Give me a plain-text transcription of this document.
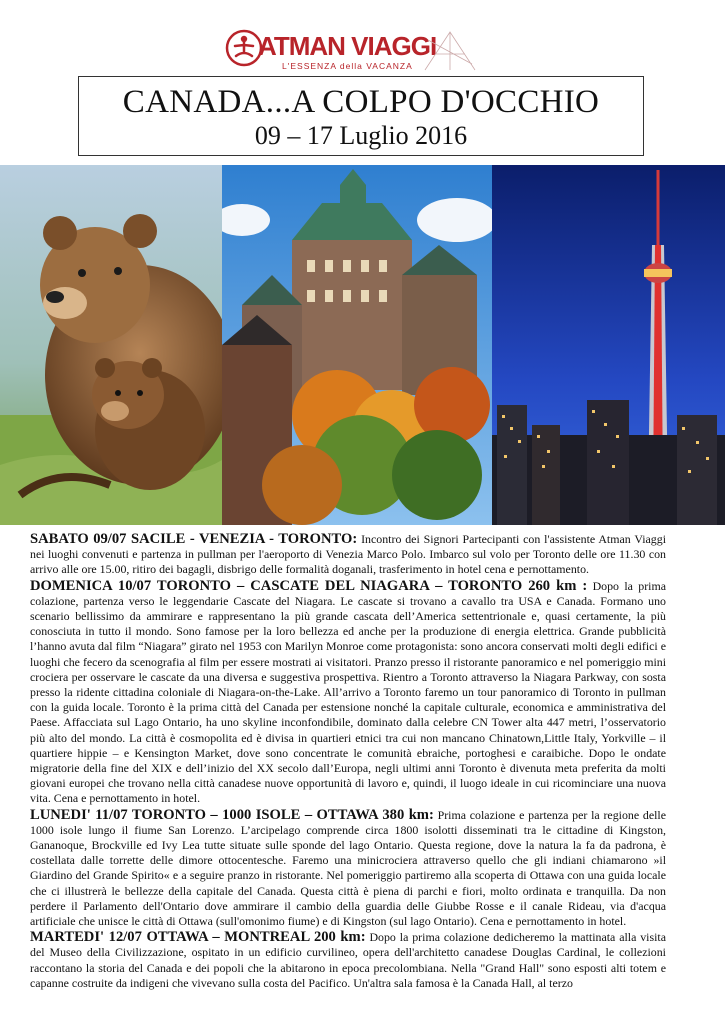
ATMAN VIAGGI
L'ESSENZA della VACANZA
CANADA...A COLPO D'OCCHIO
09 – 17 Luglio 2016

SABATO 09/07 SACILE - VENEZIA - TORONTO: Incontro dei Signori Partecipanti con l'assistente Atman Viaggi nei luoghi convenuti e partenza in pullman per l'aeroporto di Venezia Marco Polo. Imbarco sul volo per Toronto delle ore 11.30 con arrivo alle ore 15.00, ritiro dei bagagli, disbrigo delle formalità doganali, trasferimento in hotel cena e pernottamento.

DOMENICA 10/07 TORONTO – CASCATE DEL NIAGARA – TORONTO 260 km : Dopo la prima colazione, partenza verso le leggendarie Cascate del Niagara. Le cascate si trovano a cavallo tra USA e Canada. Formano uno scenario bellissimo da ammirare e rappresentano la più grande cascata dell’America settentrionale e, quasi certamente, la più conosciuta in tutto il mondo. Sono famose per la loro bellezza ed anche per la produzione di energia elettrica. Grande pubblicità l’hanno avuta dal film “Niagara” girato nel 1953 con Marilyn Monroe come protagonista: sono ancora conservati molti degli edifici e luoghi che fecero da scenografia al film per essere mostrati ai visitatori. Pranzo presso il ristorante panoramico e nel pomeriggio mini crociera per osservare le cascate da una diversa e suggestiva prospettiva. Rientro a Toronto attraverso la Niagara Parkway, con sosta presso la ridente cittadina coloniale di Niagara-on-the-Lake. All’arrivo a Toronto faremo un tour panoramico di Toronto in pullman con la guida locale. Toronto è la prima città del Canada per estensione nonché la capitale culturale, economica e amministrativa del Paese. Affacciata sul Lago Ontario, ha uno skyline inconfondibile, dominato dalla celebre CN Tower alta 447 metri, l’osservatorio più alto del mondo. La città è cosmopolita ed è divisa in quartieri etnici tra cui non mancano Chinatown,Little Italy, Yorkville – il quartiere hippie – e Kensington Market, dove sono concentrate le comunità ebraiche, portoghesi e caraibiche. Dopo le ondate migratorie della fine del XIX e dell’inizio del XX secolo dall’Europa, negli ultimi anni Toronto è divenuta meta preferita da molti giovani europei che trovano nella città canadese nuove opportunità di lavoro e, quindi, il luogo ideale in cui ricominciare una nuova vita. Cena e pernottamento in hotel.

LUNEDI' 11/07 TORONTO – 1000 ISOLE – OTTAWA 380 km: Prima colazione e partenza per la regione delle 1000 isole lungo il fiume San Lorenzo. L’arcipelago comprende circa 1800 isolotti disseminati tra le cittadine di Kingston, Gananoque, Brockville ed Ivy Lea tutte situate sulle sponde del lago Ontario. Questa regione, dove la natura la fa da padrona, è costellata dalle torrette delle dimore ottocentesche. Faremo una minicrociera attraverso quello che gli indiani chiamarono »il Giardino del Grande Spirito« e a seguire pranzo in ristorante. Nel pomeriggio partiremo alla scoperta di Ottawa con una guida locale che ci illustrerà le bellezze della capitale del Canada. Questa città è piena di parchi e fiori, molto ordinata e tranquilla. Da non perdere il Parlamento dell'Ontario dove ammirare il cambio della guardia delle Giubbe Rosse e il canale Rideau, via d'acqua artificiale che unisce le città di Ottawa (sull'omonimo fiume) e di Kingston (sul lago Ontario). Cena e pernottamento in hotel.

MARTEDI' 12/07 OTTAWA – MONTREAL 200 km: Dopo la prima colazione dedicheremo la mattinata alla visita del Museo della Civilizzazione, ospitato in un edificio curvilineo, opera dell'architetto canadese Douglas Cardinal, le collezioni raccontano la storia del Canada e dei popoli che la abitarono in epoca precolombiana. Nella "Grand Hall" sono esposti alti totem e capanne costruite da indigeni che vivevano sulla costa del Pacifico. Un'altra sala famosa è la Canada Hall, al terzo
